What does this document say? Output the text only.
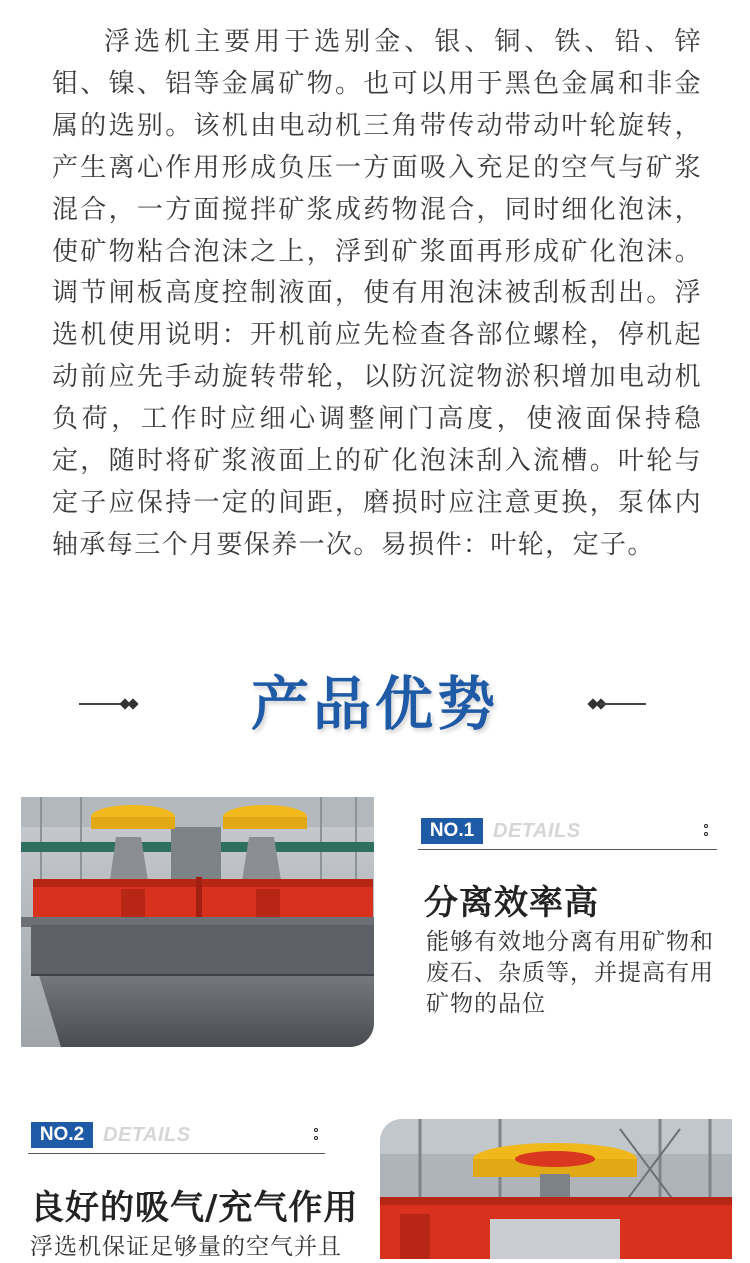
浮选机主要用于选别金、银、铜、铁、铅、锌钼、镍、铝等金属矿物。也可以用于黑色金属和非金属的选别。该机由电动机三角带传动带动叶轮旋转，产生离心作用形成负压一方面吸入充足的空气与矿浆混合，一方面搅拌矿浆成药物混合，同时细化泡沫，使矿物粘合泡沫之上，浮到矿浆面再形成矿化泡沫。调节闸板高度控制液面，使有用泡沫被刮板刮出。浮选机使用说明：开机前应先检查各部位螺栓，停机起动前应先手动旋转带轮，以防沉淀物淤积增加电动机负荷，工作时应细心调整闸门高度，使液面保持稳定，随时将矿浆液面上的矿化泡沫刮入流槽。叶轮与定子应保持一定的间距，磨损时应注意更换，泵体内轴承每三个月要保养一次。易损件：叶轮，定子。

产品优势
NO.1 DETAILS
分离效率高
能够有效地分离有用矿物和废石、杂质等，并提高有用矿物的品位
NO.2 DETAILS
良好的吸气/充气作用
浮选机保证足够量的空气并且
